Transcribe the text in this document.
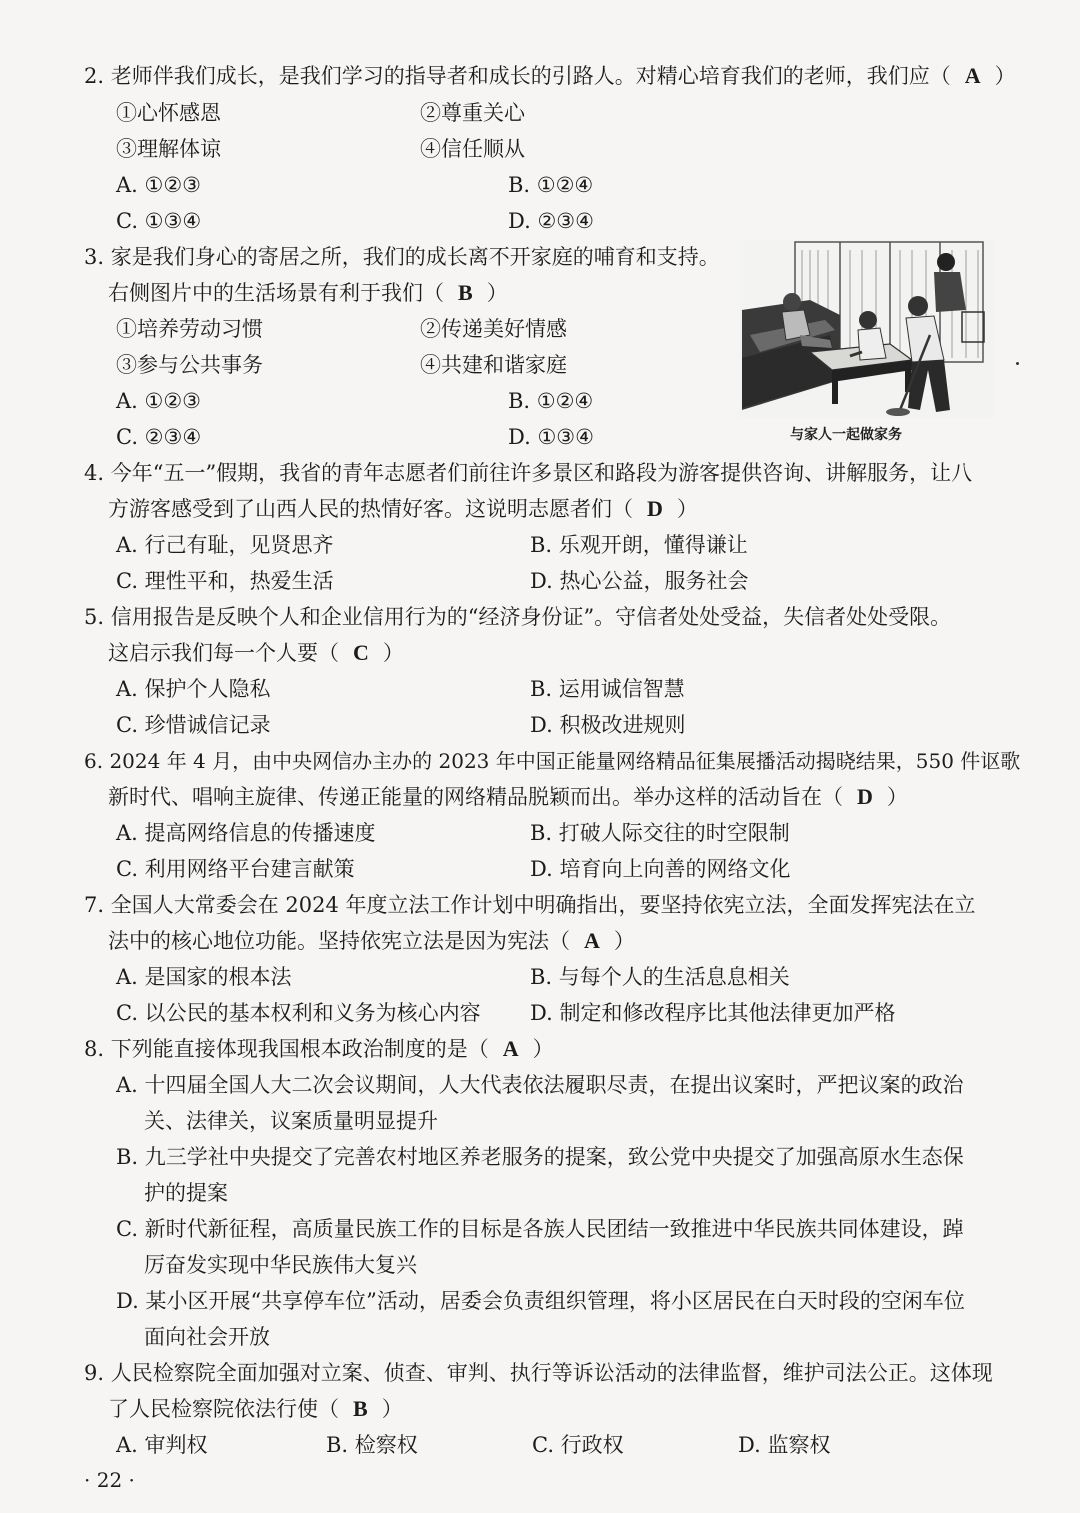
2. 老师伴我们成长，是我们学习的指导者和成长的引路人。对精心培育我们的老师，我们应（ A ）
①心怀感恩	②尊重关心
③理解体谅	④信任顺从
A. ①②③	B. ①②④
C. ①③④	D. ②③④
3. 家是我们身心的寄居之所，我们的成长离不开家庭的哺育和支持。
右侧图片中的生活场景有利于我们（ B ）
①培养劳动习惯	②传递美好情感
③参与公共事务	④共建和谐家庭
A. ①②③	B. ①②④
C. ②③④	D. ①③④	与家人一起做家务
4. 今年“五一”假期，我省的青年志愿者们前往许多景区和路段为游客提供咨询、讲解服务，让八
方游客感受到了山西人民的热情好客。这说明志愿者们（ D ）
A. 行己有耻，见贤思齐	B. 乐观开朗，懂得谦让
C. 理性平和，热爱生活	D. 热心公益，服务社会
5. 信用报告是反映个人和企业信用行为的“经济身份证”。守信者处处受益，失信者处处受限。
这启示我们每一个人要（ C ）
A. 保护个人隐私	B. 运用诚信智慧
C. 珍惜诚信记录	D. 积极改进规则
6. 2024 年 4 月，由中央网信办主办的 2023 年中国正能量网络精品征集展播活动揭晓结果，550 件讴歌
新时代、唱响主旋律、传递正能量的网络精品脱颖而出。举办这样的活动旨在（ D ）
A. 提高网络信息的传播速度	B. 打破人际交往的时空限制
C. 利用网络平台建言献策	D. 培育向上向善的网络文化
7. 全国人大常委会在 2024 年度立法工作计划中明确指出，要坚持依宪立法，全面发挥宪法在立
法中的核心地位功能。坚持依宪立法是因为宪法（ A ）
A. 是国家的根本法	B. 与每个人的生活息息相关
C. 以公民的基本权利和义务为核心内容 D. 制定和修改程序比其他法律更加严格
8. 下列能直接体现我国根本政治制度的是（ A ）
A. 十四届全国人大二次会议期间，人大代表依法履职尽责，在提出议案时，严把议案的政治
关、法律关，议案质量明显提升
B. 九三学社中央提交了完善农村地区养老服务的提案，致公党中央提交了加强高原水生态保
护的提案
C. 新时代新征程，高质量民族工作的目标是各族人民团结一致推进中华民族共同体建设，踔
厉奋发实现中华民族伟大复兴
D. 某小区开展“共享停车位”活动，居委会负责组织管理，将小区居民在白天时段的空闲车位
面向社会开放
9. 人民检察院全面加强对立案、侦查、审判、执行等诉讼活动的法律监督，维护司法公正。这体现
了人民检察院依法行使（ B ）
A. 审判权	B. 检察权	C. 行政权	D. 监察权
· 22 ·
